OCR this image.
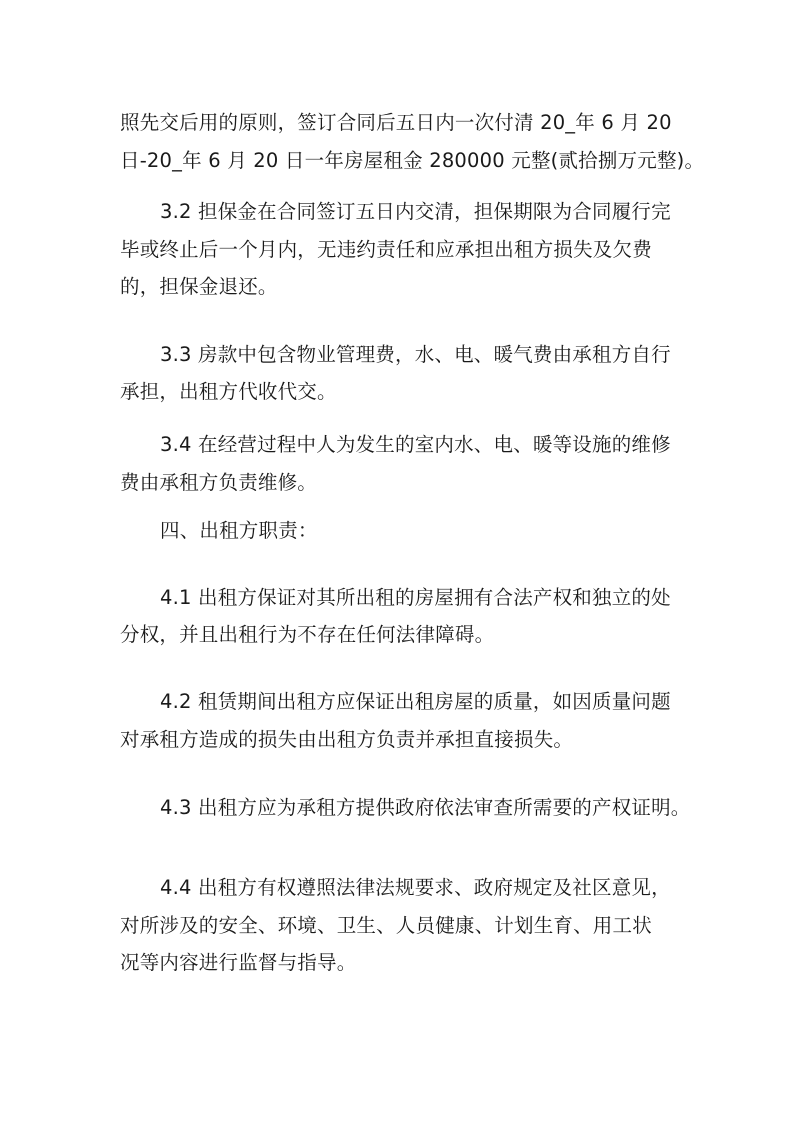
照先交后用的原则，签订合同后五日内一次付清 20_年 6 月 20
日-20_年 6 月 20 日一年房屋租金 280000 元整(贰拾捌万元整)。
3.2 担保金在合同签订五日内交清，担保期限为合同履行完
毕或终止后一个月内，无违约责任和应承担出租方损失及欠费
的，担保金退还。
3.3 房款中包含物业管理费，水、电、暖气费由承租方自行
承担，出租方代收代交。
3.4 在经营过程中人为发生的室内水、电、暖等设施的维修
费由承租方负责维修。
四、出租方职责：
4.1 出租方保证对其所出租的房屋拥有合法产权和独立的处
分权，并且出租行为不存在任何法律障碍。
4.2 租赁期间出租方应保证出租房屋的质量，如因质量问题
对承租方造成的损失由出租方负责并承担直接损失。
4.3 出租方应为承租方提供政府依法审查所需要的产权证明。
4.4 出租方有权遵照法律法规要求、政府规定及社区意见，
对所涉及的安全、环境、卫生、人员健康、计划生育、用工状
况等内容进行监督与指导。
